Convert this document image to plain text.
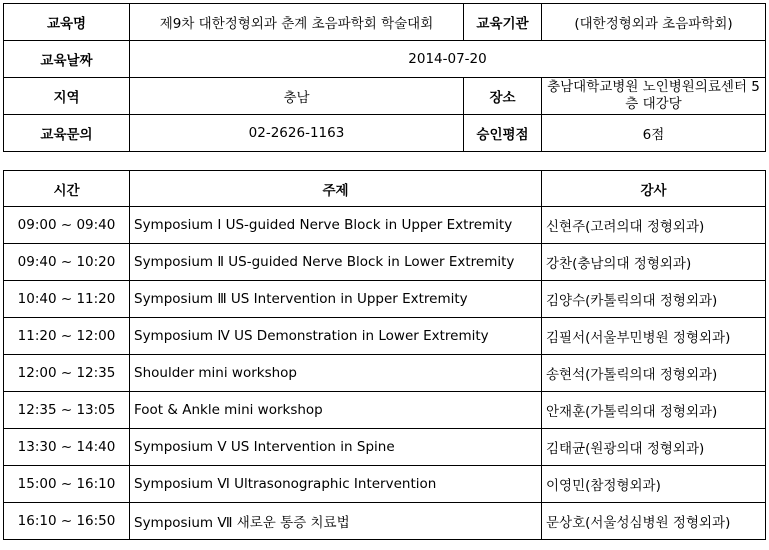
교육명	제9차 대한정형외과 춘계 초음파학회 학술대회	교육기관	(대한정형외과 초음파학회)
교육날짜	2014-07-20		
지역	충남	장소	충남대학교병원 노인병원의료센터 5층 대강당
교육문의	02-2626-1163	승인평점	6점
시간	주제	강사
09:00 ~ 09:40	Symposium Ⅰ US-guided Nerve Block in Upper Extremity	신현주(고려의대 정형외과)
09:40 ~ 10:20	Symposium Ⅱ US-guided Nerve Block in Lower Extremity	강찬(충남의대 정형외과)
10:40 ~ 11:20	Symposium Ⅲ US Intervention in Upper Extremity	김양수(카톨릭의대 정형외과)
11:20 ~ 12:00	Symposium Ⅳ US Demonstration in Lower Extremity	김필서(서울부민병원 정형외과)
12:00 ~ 12:35	Shoulder mini workshop	송현석(가톨릭의대 정형외과)
12:35 ~ 13:05	Foot & Ankle mini workshop	안재훈(가톨릭의대 정형외과)
13:30 ~ 14:40	Symposium Ⅴ US Intervention in Spine	김태균(원광의대 정형외과)
15:00 ~ 16:10	Symposium Ⅵ Ultrasonographic Intervention	이영민(참정형외과)
16:10 ~ 16:50	Symposium Ⅶ 새로운 통증 치료법	문상호(서울성심병원 정형외과)
